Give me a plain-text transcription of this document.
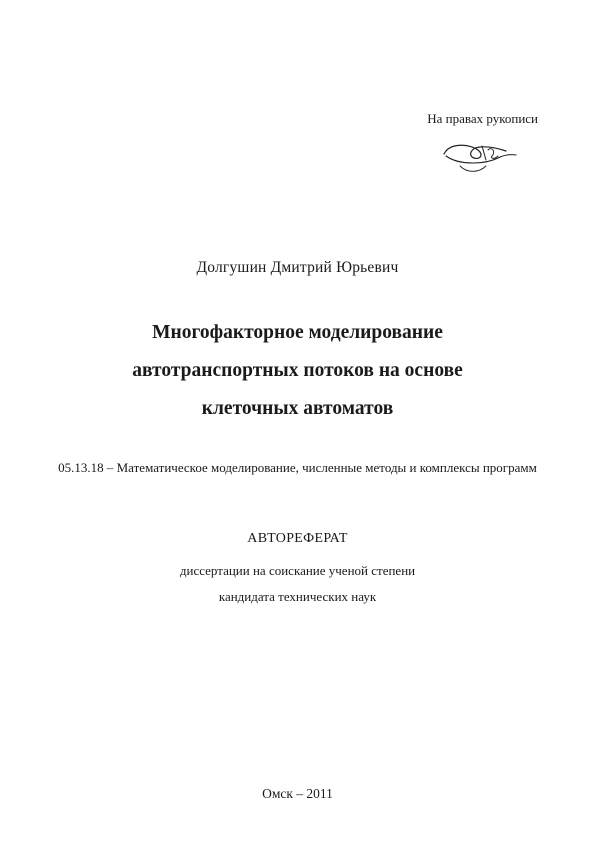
На правах рукописи
Долгушин Дмитрий Юрьевич
Многофакторное моделирование
автотранспортных потоков на основе
клеточных автоматов
05.13.18 – Математическое моделирование, численные методы и комплексы программ
АВТОРЕФЕРАТ
диссертации на соискание ученой степени
кандидата технических наук
Омск – 2011
